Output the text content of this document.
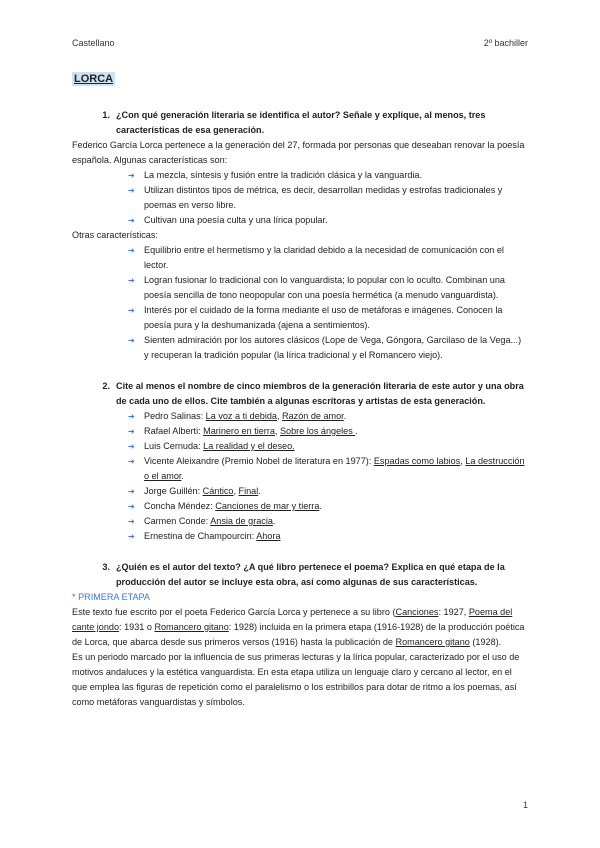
Castellano	2º bachiller
LORCA
1. ¿Con qué generación literaria se identifica el autor? Señale y explique, al menos, tres características de esa generación.

Federico García Lorca pertenece a la generación del 27, formada por personas que deseaban renovar la poesía española. Algunas características son:

➔ La mezcla, síntesis y fusión entre la tradición clásica y la vanguardia.
➔ Utilizan distintos tipos de métrica, es decir, desarrollan medidas y estrofas tradicionales y poemas en verso libre.
➔ Cultivan una poesía culta y una lírica popular.

Otras características:

➔ Equilibrio entre el hermetismo y la claridad debido a la necesidad de comunicación con el lector.
➔ Logran fusionar lo tradicional con lo vanguardista; lo popular con lo oculto. Combinan una poesía sencilla de tono neopopular con una poesía hermética (a menudo vanguardista).
➔ Interés por el cuidado de la forma mediante el uso de metáforas e imágenes. Conocen la poesía pura y la deshumanizada (ajena a sentimientos).
➔ Sienten admiración por los autores clásicos (Lope de Vega, Góngora, Garcilaso de la Vega...) y recuperan la tradición popular (la lírica tradicional y el Romancero viejo).
2. Cite al menos el nombre de cinco miembros de la generación literaria de este autor y una obra de cada uno de ellos. Cite también a algunas escritoras y artistas de esta generación.
➔ Pedro Salinas: La voz a ti debida, Razón de amor.
➔ Rafael Alberti: Marinero en tierra, Sobre los ángeles .
➔ Luis Cernuda: La realidad y el deseo.
➔ Vicente Aleixandre (Premio Nobel de literatura en 1977): Espadas como labios, La destrucción o el amor.
➔ Jorge Guillén: Cántico, Final.
➔ Concha Méndez: Canciones de mar y tierra.
➔ Carmen Conde: Ansia de gracia.
➔ Ernestina de Champourcin: Ahora
3. ¿Quién es el autor del texto? ¿A qué libro pertenece el poema? Explica en qué etapa de la producción del autor se incluye esta obra, así como algunas de sus características.

* PRIMERA ETAPA

Este texto fue escrito por el poeta Federico García Lorca y pertenece a su libro (Canciones: 1927, Poema del cante jondo: 1931 o Romancero gitano: 1928) incluida en la primera etapa (1916-1928) de la producción poética de Lorca, que abarca desde sus primeros versos (1916) hasta la publicación de Romancero gitano (1928).

Es un periodo marcado por la influencia de sus primeras lecturas y la lírica popular, caracterizado por el uso de motivos andaluces y la estética vanguardista. En esta etapa utiliza un lenguaje claro y cercano al lector, en el que emplea las figuras de repetición como el paralelismo o los estribillos para dotar de ritmo a los poemas, así como metáforas vanguardistas y símbolos.

1
